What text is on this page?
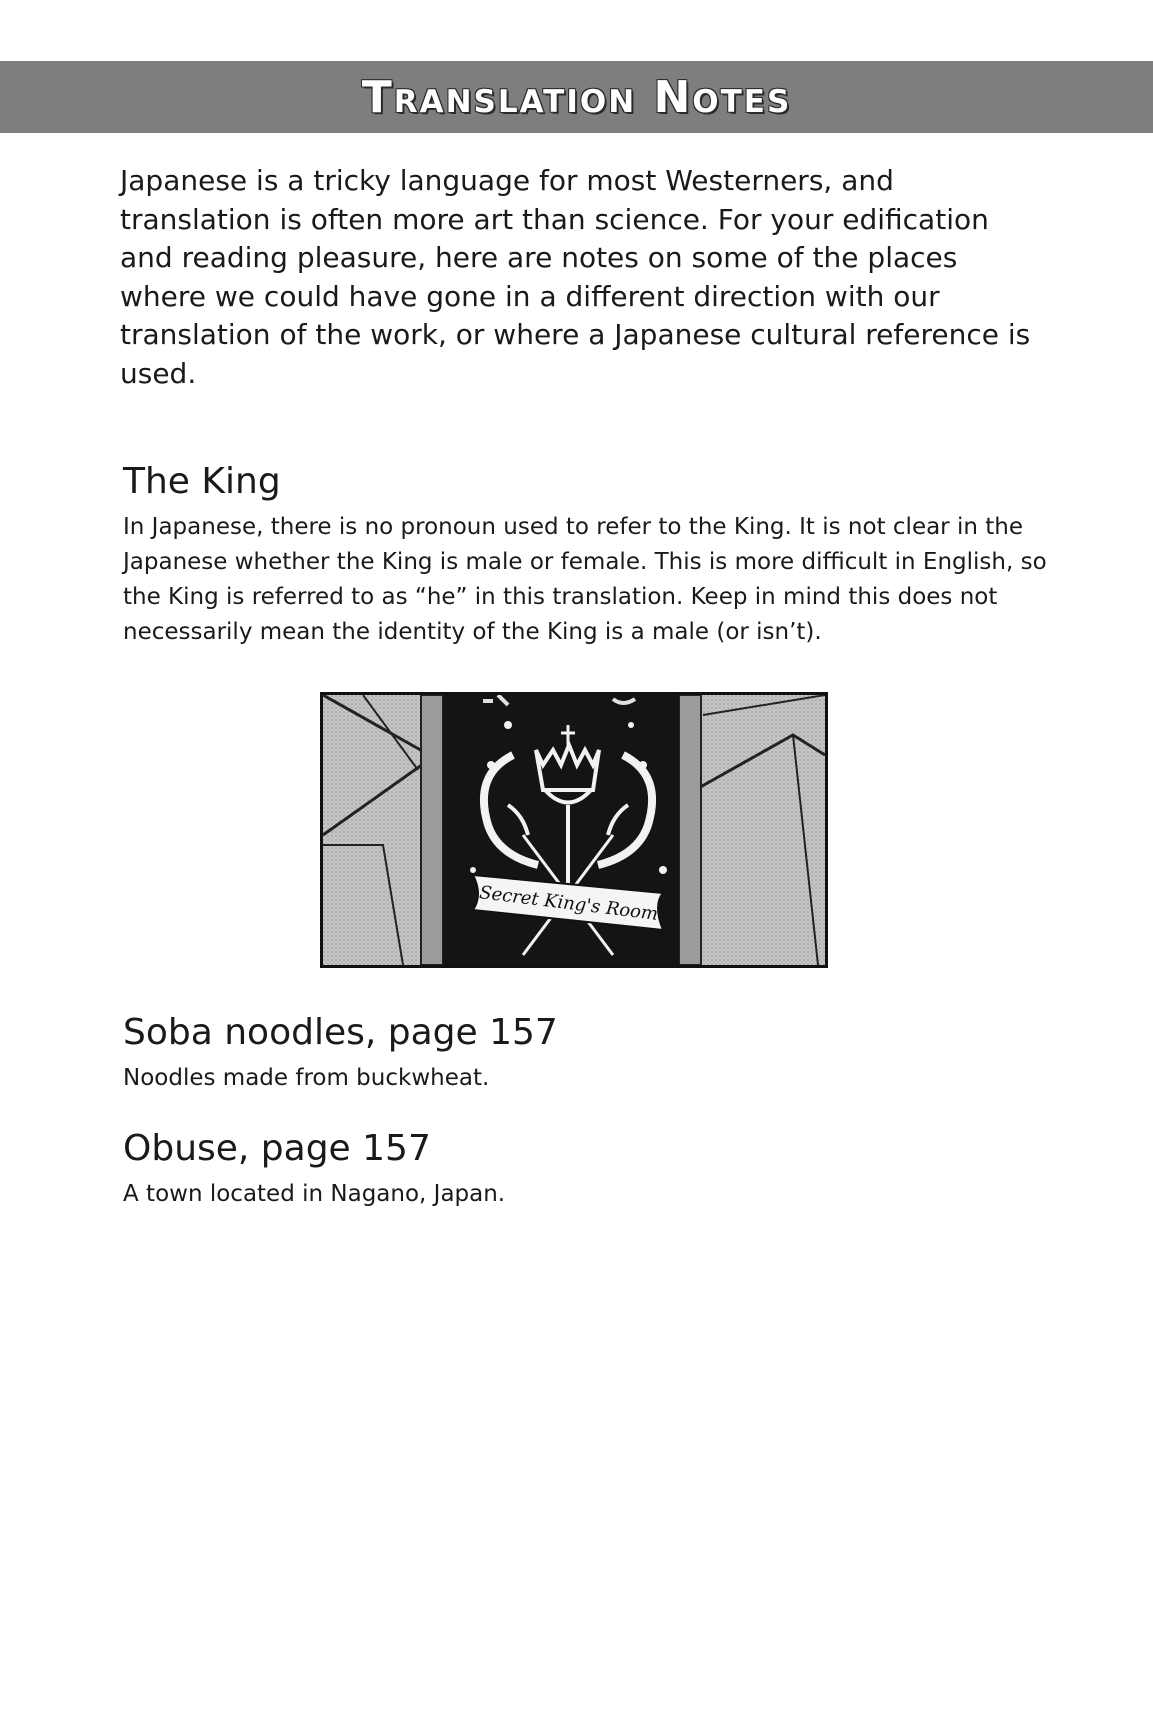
Translation Notes

Japanese is a tricky language for most Westerners, and translation is often more art than science. For your edification and reading pleasure, here are notes on some of the places where we could have gone in a different direction with our translation of the work, or where a Japanese cultural reference is used.

The King

In Japanese, there is no pronoun used to refer to the King. It is not clear in the Japanese whether the King is male or female. This is more difficult in English, so the King is referred to as “he” in this translation. Keep in mind this does not necessarily mean the identity of the King is a male (or isn’t).

Secret King's Room
Soba noodles, page 157

Noodles made from buckwheat.

Obuse, page 157

A town located in Nagano, Japan.
